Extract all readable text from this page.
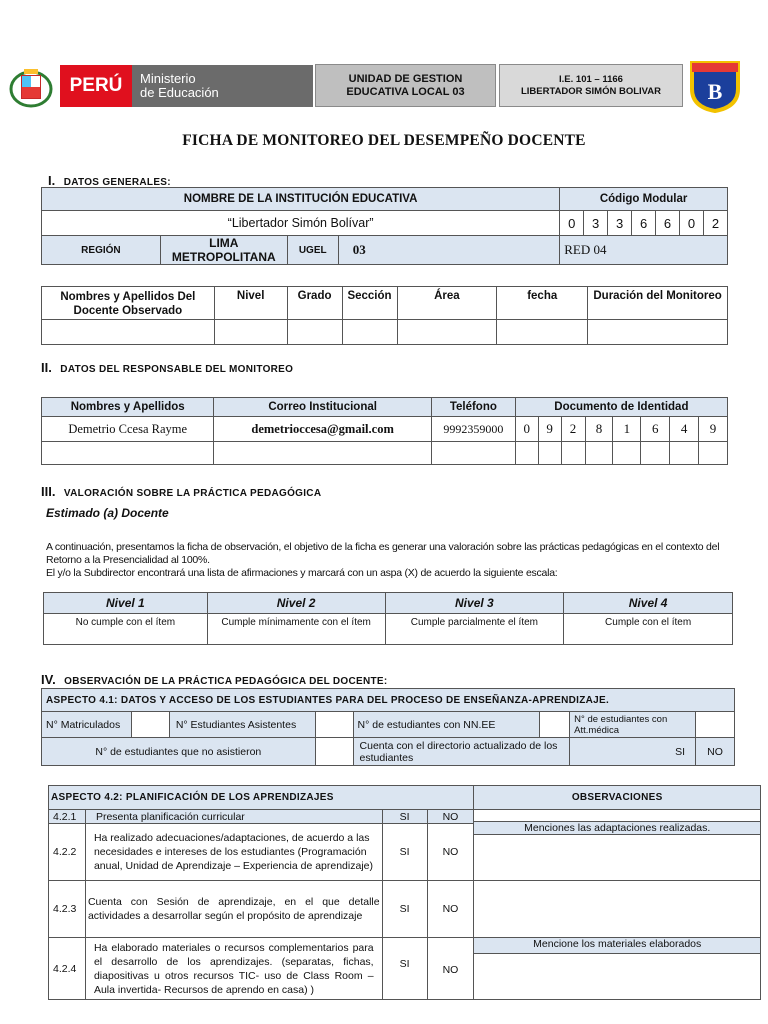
PERÚ	Ministerio
de Educación
UNIDAD DE GESTION
EDUCATIVA LOCAL 03
I.E. 101 – 1166
LIBERTADOR SIMÓN BOLIVAR	B
FICHA DE MONITOREO DEL DESEMPEÑO DOCENTE
I. DATOS GENERALES:
NOMBRE DE LA INSTITUCIÓN EDUCATIVA				Código Modular						
“Libertador Simón Bolívar”				0	3	3	6	6	0	2
REGIÓN	LIMA METROPOLITANA	UGEL	03	RED 04						
Nombres y Apellidos Del Docente Observado	Nivel	Grado	Sección	Área	fecha	Duración del Monitoreo

II. DATOS DEL RESPONSABLE DEL MONITOREO
Nombres y Apellidos	Correo Institucional	Teléfono	Documento de Identidad							
Demetrio Ccesa Rayme	demetrioccesa@gmail.com	9992359000	0	9	2	8	1	6	4	9

III. VALORACIÓN SOBRE LA PRÁCTICA PEDAGÓGICA
Estimado (a) Docente
A continuación, presentamos la ficha de observación, el objetivo de la ficha es generar una valoración sobre las prácticas pedagógicas en el contexto del Retorno a la Presencialidad al 100%.
El y/o la Subdirector encontrará una lista de afirmaciones y marcará con un aspa (X) de acuerdo la siguiente escala:
Nivel 1	Nivel 2	Nivel 3	Nivel 4
No cumple con el ítem	Cumple mínimamente con el ítem	Cumple parcialmente el ítem	Cumple con el ítem
IV. OBSERVACIÓN DE LA PRÁCTICA PEDAGÓGICA DEL DOCENTE:
ASPECTO 4.1: DATOS Y ACCESO DE LOS ESTUDIANTES PARA DEL PROCESO DE ENSEÑANZA-APRENDIZAJE.							
N° Matriculados		N° Estudiantes Asistentes		N° de estudiantes con NN.EE		N° de estudiantes con Att.médica	
N° de estudiantes que no asistieron				Cuenta con el directorio actualizado de los estudiantes		SI	NO
ASPECTO 4.2: PLANIFICACIÓN DE LOS APRENDIZAJES				OBSERVACIONES
4.2.1	Presenta planificación curricular	SI	NO	Menciones las adaptaciones realizadas.

4.2.2	Ha realizado adecuaciones/adaptaciones, de acuerdo a las necesidades e intereses de los estudiantes (Programación anual, Unidad de Aprendizaje – Experiencia de aprendizaje)	SI	NO	
4.2.3	Cuenta con Sesión de aprendizaje, en el que detalle actividades a desarrollar según el propósito de aprendizaje	SI	NO	
4.2.4	Ha elaborado materiales o recursos complementarios para el desarrollo de los aprendizajes. (separatas, fichas, diapositivas u otros recursos TIC- uso de Class Room – Aula invertida- Recursos de aprendo en casa) )	SI	NO	Mencione los materiales elaborados
